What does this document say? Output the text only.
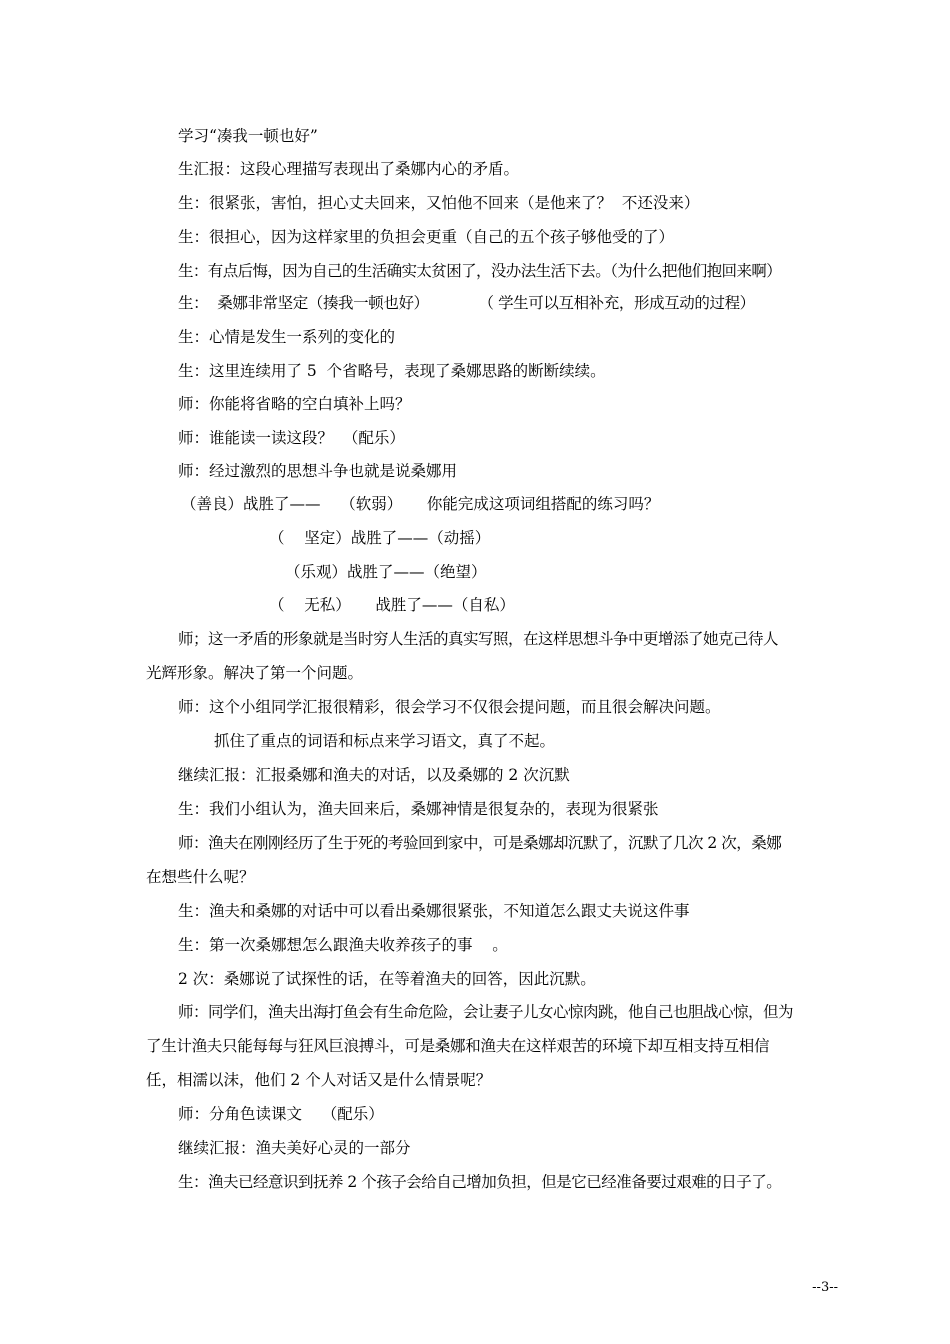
学习“凑我一顿也好”
生汇报：这段心理描写表现出了桑娜内心的矛盾。
生：很紧张，害怕，担心丈夫回来，又怕他不回来（是他来了？  不还没来）
生：很担心，因为这样家里的负担会更重（自己的五个孩子够他受的了）
生：有点后悔，因为自己的生活确实太贫困了，没办法生活下去。（为什么把他们抱回来啊）
生：  桑娜非常坚定（揍我一顿也好）           （ 学生可以互相补充，形成互动的过程）
生：心情是发生一系列的变化的
生：这里连续用了 5  个省略号，表现了桑娜思路的断断续续。
师：你能将省略的空白填补上吗？
师：谁能读一读这段？  （配乐）
师：经过激烈的思想斗争也就是说桑娜用
（善良）战胜了——    （软弱）     你能完成这项词组搭配的练习吗？
（    坚定）战胜了——（动摇）
（乐观）战胜了——（绝望）
（    无私）     战胜了——（自私）
师；这一矛盾的形象就是当时穷人生活的真实写照，在这样思想斗争中更增添了她克己待人
光辉形象。解决了第一个问题。
师：这个小组同学汇报很精彩，很会学习不仅很会提问题，而且很会解决问题。
抓住了重点的词语和标点来学习语文，真了不起。
继续汇报：汇报桑娜和渔夫的对话，以及桑娜的 2 次沉默
生：我们小组认为，渔夫回来后，桑娜神情是很复杂的，表现为很紧张
师：渔夫在刚刚经历了生于死的考验回到家中，可是桑娜却沉默了，沉默了几次 2 次，桑娜
在想些什么呢？
生：渔夫和桑娜的对话中可以看出桑娜很紧张，不知道怎么跟丈夫说这件事
生：第一次桑娜想怎么跟渔夫收养孩子的事    。
2 次：桑娜说了试探性的话，在等着渔夫的回答，因此沉默。
师：同学们，渔夫出海打鱼会有生命危险，会让妻子儿女心惊肉跳，他自己也胆战心惊，但为
了生计渔夫只能每每与狂风巨浪搏斗，可是桑娜和渔夫在这样艰苦的环境下却互相支持互相信
任，相濡以沫，他们 2 个人对话又是什么情景呢？
师：分角色读课文    （配乐）
继续汇报：渔夫美好心灵的一部分
生：渔夫已经意识到抚养 2 个孩子会给自己增加负担，但是它已经准备要过艰难的日子了。
--3--
